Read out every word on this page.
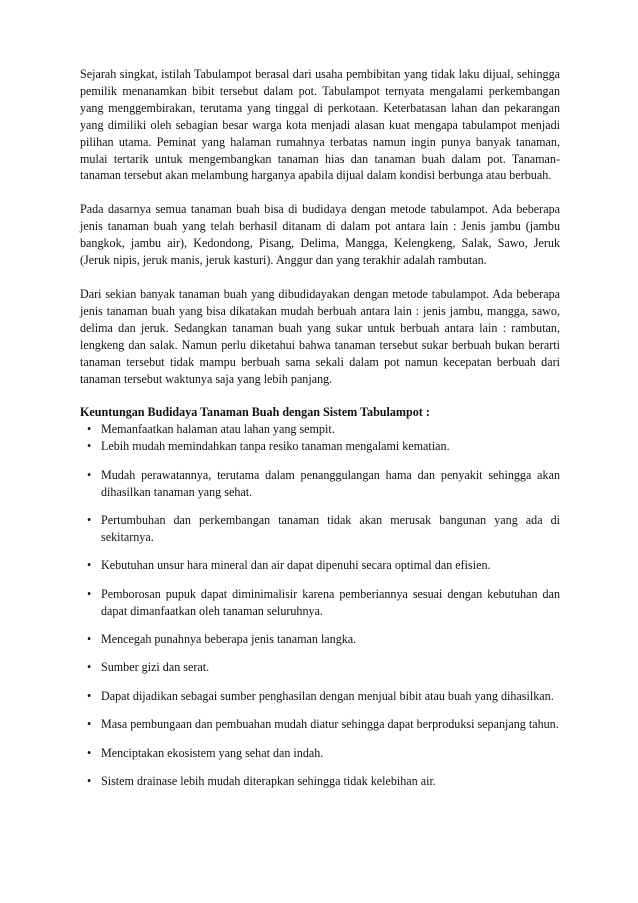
Sejarah singkat, istilah Tabulampot berasal dari usaha pembibitan yang tidak laku dijual, sehingga pemilik menanamkan bibit tersebut dalam pot. Tabulampot ternyata mengalami perkembangan yang menggembirakan, terutama yang tinggal di perkotaan. Keterbatasan lahan dan pekarangan yang dimiliki oleh sebagian besar warga kota menjadi alasan kuat mengapa tabulampot menjadi pilihan utama. Peminat yang halaman rumahnya terbatas namun ingin punya banyak tanaman, mulai tertarik untuk mengembangkan tanaman hias dan tanaman buah dalam pot. Tanaman-tanaman tersebut akan melambung harganya apabila dijual dalam kondisi berbunga atau berbuah.

Pada dasarnya semua tanaman buah bisa di budidaya dengan metode tabulampot. Ada beberapa jenis tanaman buah yang telah berhasil ditanam di dalam pot antara lain : Jenis jambu (jambu bangkok, jambu air), Kedondong, Pisang, Delima, Mangga, Kelengkeng, Salak, Sawo, Jeruk (Jeruk nipis, jeruk manis, jeruk kasturi). Anggur dan yang terakhir adalah rambutan.

Dari sekian banyak tanaman buah yang dibudidayakan dengan metode tabulampot. Ada beberapa jenis tanaman buah yang bisa dikatakan mudah berbuah antara lain : jenis jambu, mangga, sawo, delima dan jeruk. Sedangkan tanaman buah yang sukar untuk berbuah antara lain : rambutan, lengkeng dan salak. Namun perlu diketahui bahwa tanaman tersebut sukar berbuah bukan berarti tanaman tersebut tidak mampu berbuah sama sekali dalam pot namun kecepatan berbuah dari tanaman tersebut waktunya saja yang lebih panjang.

Keuntungan Budidaya Tanaman Buah dengan Sistem Tabulampot :

• Memanfaatkan halaman atau lahan yang sempit.
• Lebih mudah memindahkan tanpa resiko tanaman mengalami kematian.
• Mudah perawatannya, terutama dalam penanggulangan hama dan penyakit sehingga akan dihasilkan tanaman yang sehat.
• Pertumbuhan dan perkembangan tanaman tidak akan merusak bangunan yang ada di sekitarnya.
• Kebutuhan unsur hara mineral dan air dapat dipenuhi secara optimal dan efisien.
• Pemborosan pupuk dapat diminimalisir karena pemberiannya sesuai dengan kebutuhan dan dapat dimanfaatkan oleh tanaman seluruhnya.
• Mencegah punahnya beberapa jenis tanaman langka.
• Sumber gizi dan serat.
• Dapat dijadikan sebagai sumber penghasilan dengan menjual bibit atau buah yang dihasilkan.
• Masa pembungaan dan pembuahan mudah diatur sehingga dapat berproduksi sepanjang tahun.
• Menciptakan ekosistem yang sehat dan indah.
• Sistem drainase lebih mudah diterapkan sehingga tidak kelebihan air.
